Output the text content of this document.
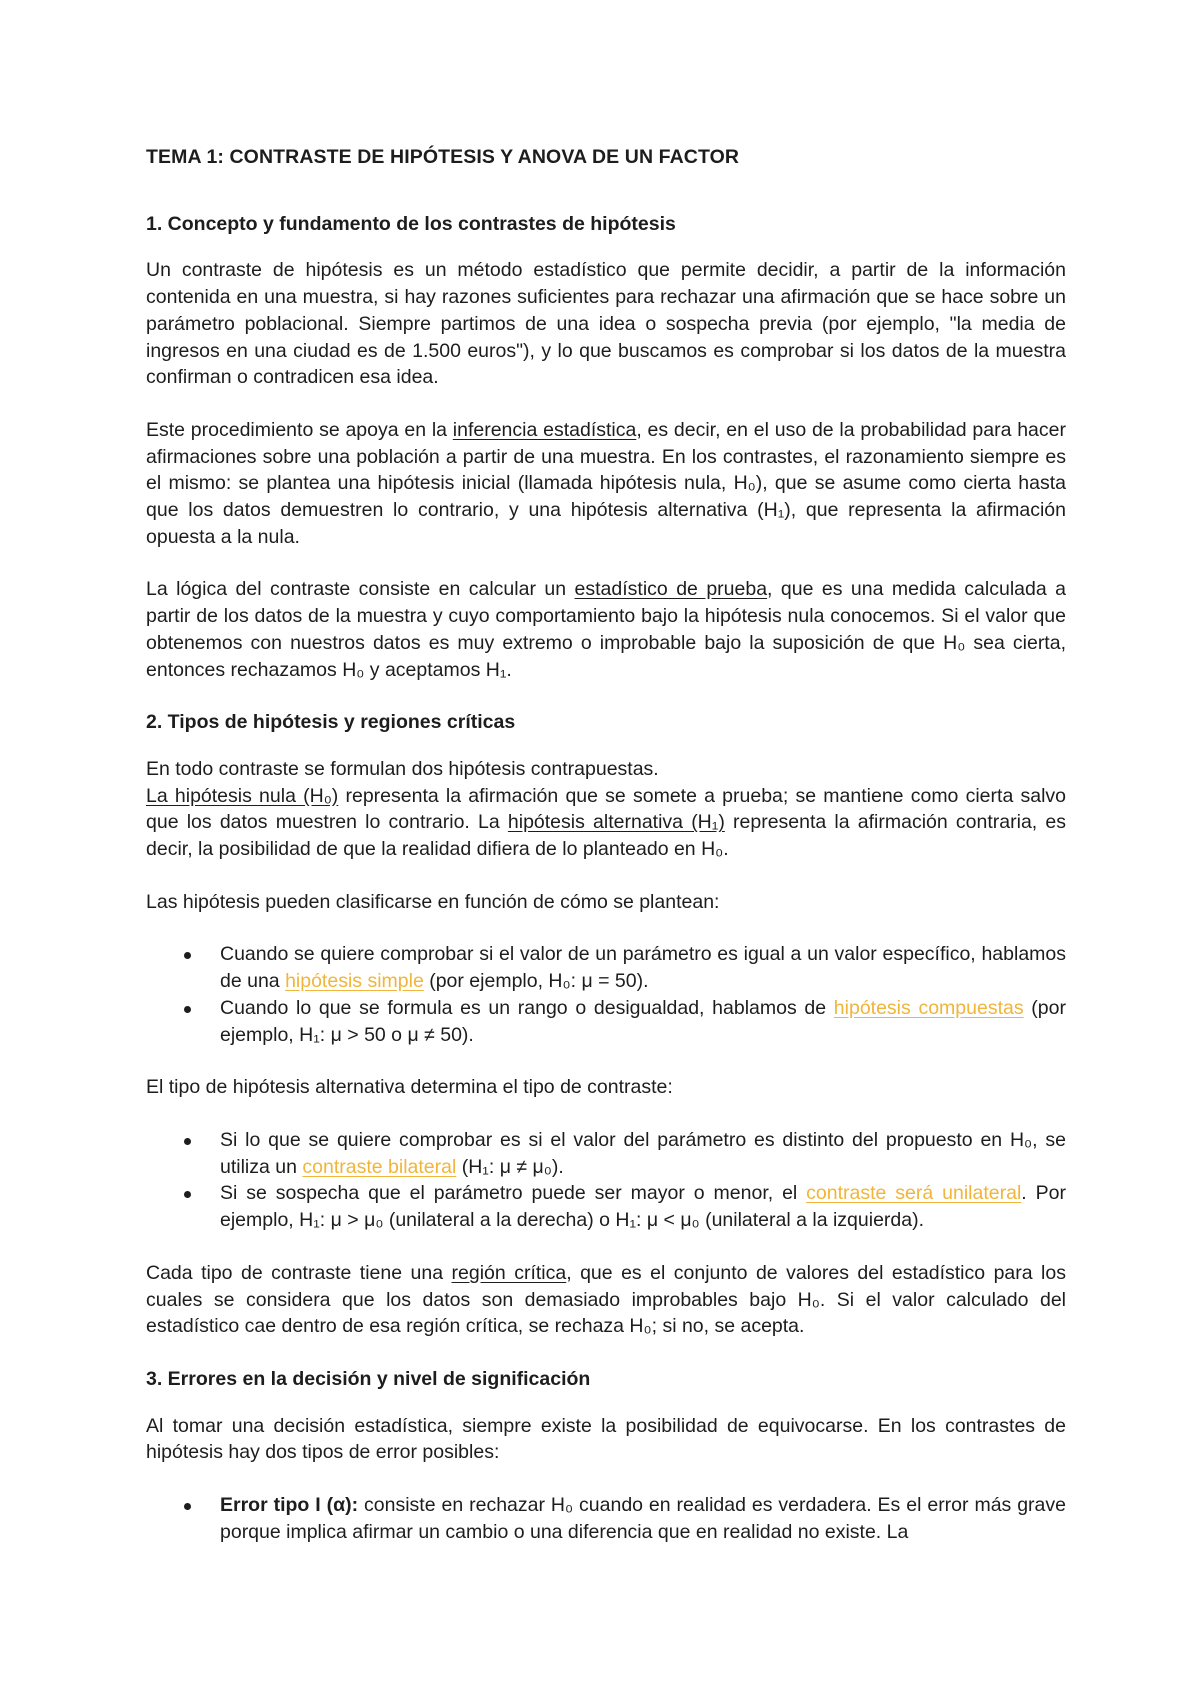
TEMA 1: CONTRASTE DE HIPÓTESIS Y ANOVA DE UN FACTOR
1. Concepto y fundamento de los contrastes de hipótesis

Un contraste de hipótesis es un método estadístico que permite decidir, a partir de la información contenida en una muestra, si hay razones suficientes para rechazar una afirmación que se hace sobre un parámetro poblacional. Siempre partimos de una idea o sospecha previa (por ejemplo, "la media de ingresos en una ciudad es de 1.500 euros"), y lo que buscamos es comprobar si los datos de la muestra confirman o contradicen esa idea.

Este procedimiento se apoya en la inferencia estadística, es decir, en el uso de la probabilidad para hacer afirmaciones sobre una población a partir de una muestra. En los contrastes, el razonamiento siempre es el mismo: se plantea una hipótesis inicial (llamada hipótesis nula, H₀), que se asume como cierta hasta que los datos demuestren lo contrario, y una hipótesis alternativa (H₁), que representa la afirmación opuesta a la nula.

La lógica del contraste consiste en calcular un estadístico de prueba, que es una medida calculada a partir de los datos de la muestra y cuyo comportamiento bajo la hipótesis nula conocemos. Si el valor que obtenemos con nuestros datos es muy extremo o improbable bajo la suposición de que H₀ sea cierta, entonces rechazamos H₀ y aceptamos H₁.

2. Tipos de hipótesis y regiones críticas

En todo contraste se formulan dos hipótesis contrapuestas.

La hipótesis nula (H₀) representa la afirmación que se somete a prueba; se mantiene como cierta salvo que los datos muestren lo contrario. La hipótesis alternativa (H₁) representa la afirmación contraria, es decir, la posibilidad de que la realidad difiera de lo planteado en H₀.

Las hipótesis pueden clasificarse en función de cómo se plantean:

Cuando se quiere comprobar si el valor de un parámetro es igual a un valor específico, hablamos de una hipótesis simple (por ejemplo, H₀: μ = 50).
Cuando lo que se formula es un rango o desigualdad, hablamos de hipótesis compuestas (por ejemplo, H₁: μ > 50 o μ ≠ 50).

El tipo de hipótesis alternativa determina el tipo de contraste:

Si lo que se quiere comprobar es si el valor del parámetro es distinto del propuesto en H₀, se utiliza un contraste bilateral (H₁: μ ≠ μ₀).
Si se sospecha que el parámetro puede ser mayor o menor, el contraste será unilateral. Por ejemplo, H₁: μ > μ₀ (unilateral a la derecha) o H₁: μ < μ₀ (unilateral a la izquierda).

Cada tipo de contraste tiene una región crítica, que es el conjunto de valores del estadístico para los cuales se considera que los datos son demasiado improbables bajo H₀. Si el valor calculado del estadístico cae dentro de esa región crítica, se rechaza H₀; si no, se acepta.

3. Errores en la decisión y nivel de significación

Al tomar una decisión estadística, siempre existe la posibilidad de equivocarse. En los contrastes de hipótesis hay dos tipos de error posibles:

Error tipo I (α): consiste en rechazar H₀ cuando en realidad es verdadera. Es el error más grave porque implica afirmar un cambio o una diferencia que en realidad no existe. La
